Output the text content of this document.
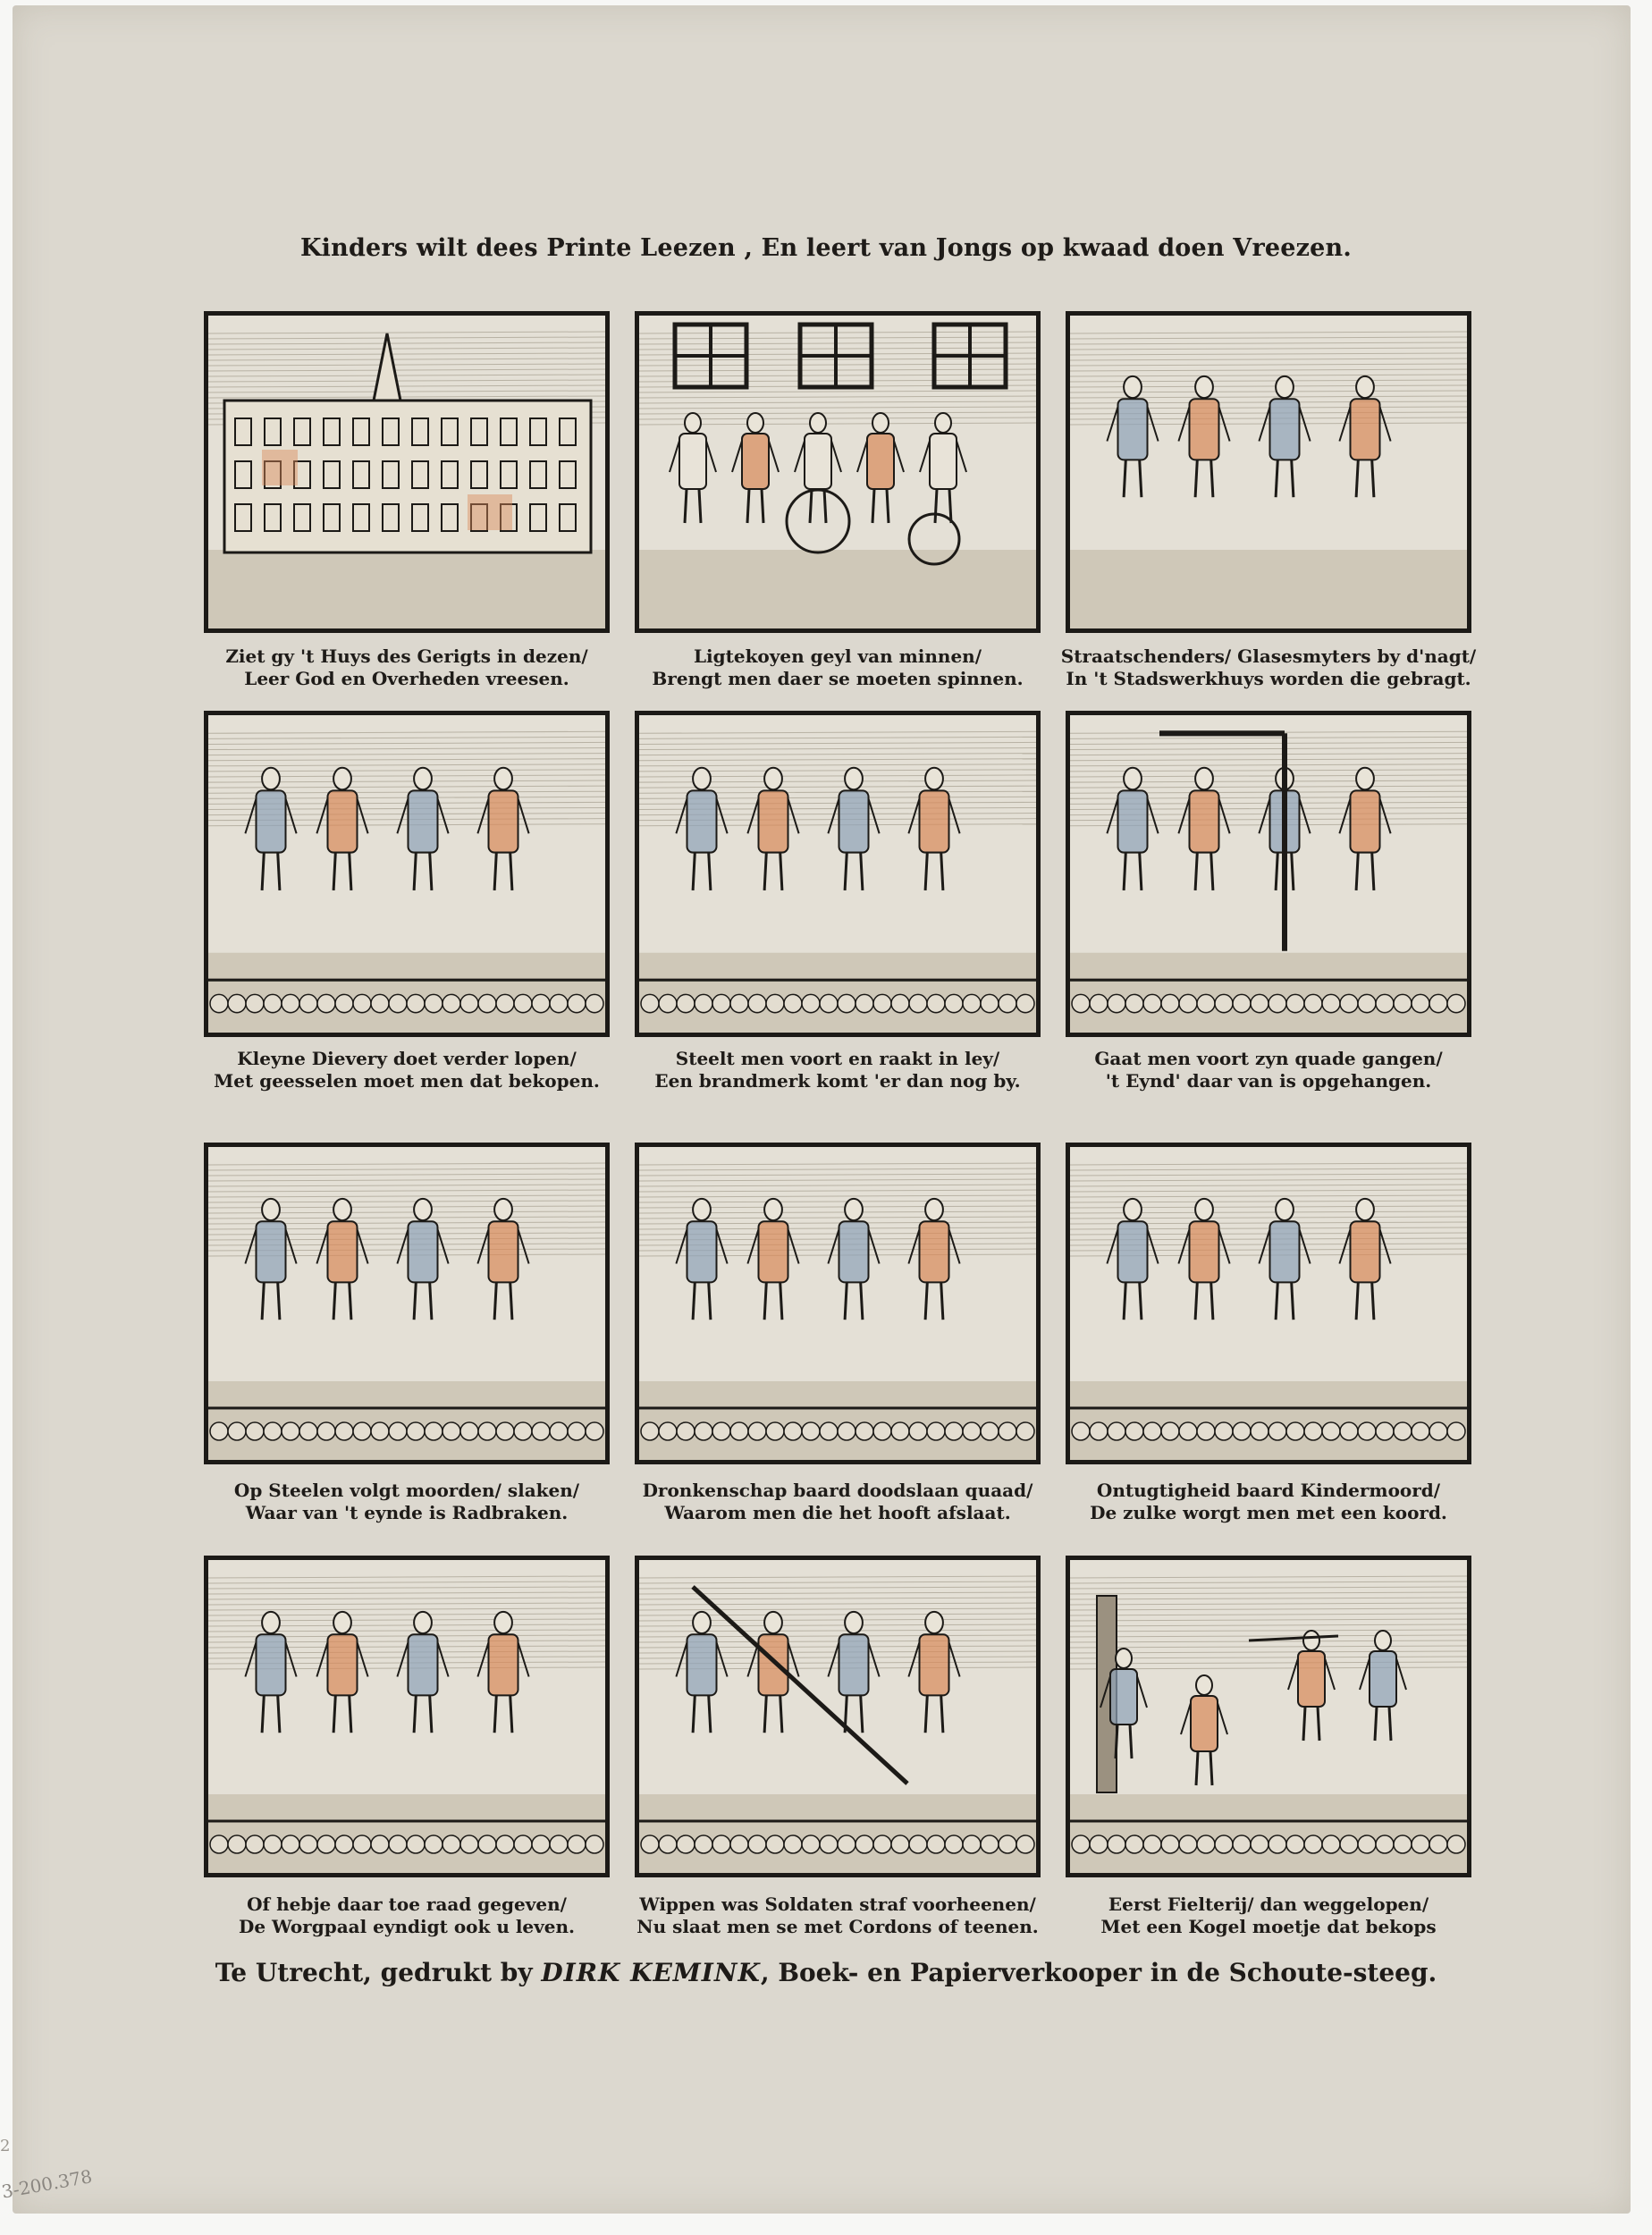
Kinders wilt dees Printe Leezen , En leert van Jongs op kwaad doen Vreezen.
Ziet gy 't Huys des Gerigts in dezen/
Leer God en Overheden vreesen.
Ligtekoyen geyl van minnen/
Brengt men daer se moeten spinnen.
Straatschenders/ Glasesmyters by d'nagt/
In 't Stadswerkhuys worden die gebragt.
Kleyne Dievery doet verder lopen/
Met geesselen moet men dat bekopen.
Steelt men voort en raakt in ley/
Een brandmerk komt 'er dan nog by.
Gaat men voort zyn quade gangen/
't Eynd' daar van is opgehangen.
Op Steelen volgt moorden/ slaken/
Waar van 't eynde is Radbraken.
Dronkenschap baard doodslaan quaad/
Waarom men die het hooft afslaat.
Ontugtigheid baard Kindermoord/
De zulke worgt men met een koord.
Of hebje daar toe raad gegeven/
De Worgpaal eyndigt ook u leven.
Wippen was Soldaten straf voorheenen/
Nu slaat men se met Cordons of teenen.
Eerst Fielterij/ dan weggelopen/
Met een Kogel moetje dat bekops
Te Utrecht, gedrukt by DIRK KEMINK, Boek- en Papierverkooper in de Schoute-steeg.
2
3-200.378
